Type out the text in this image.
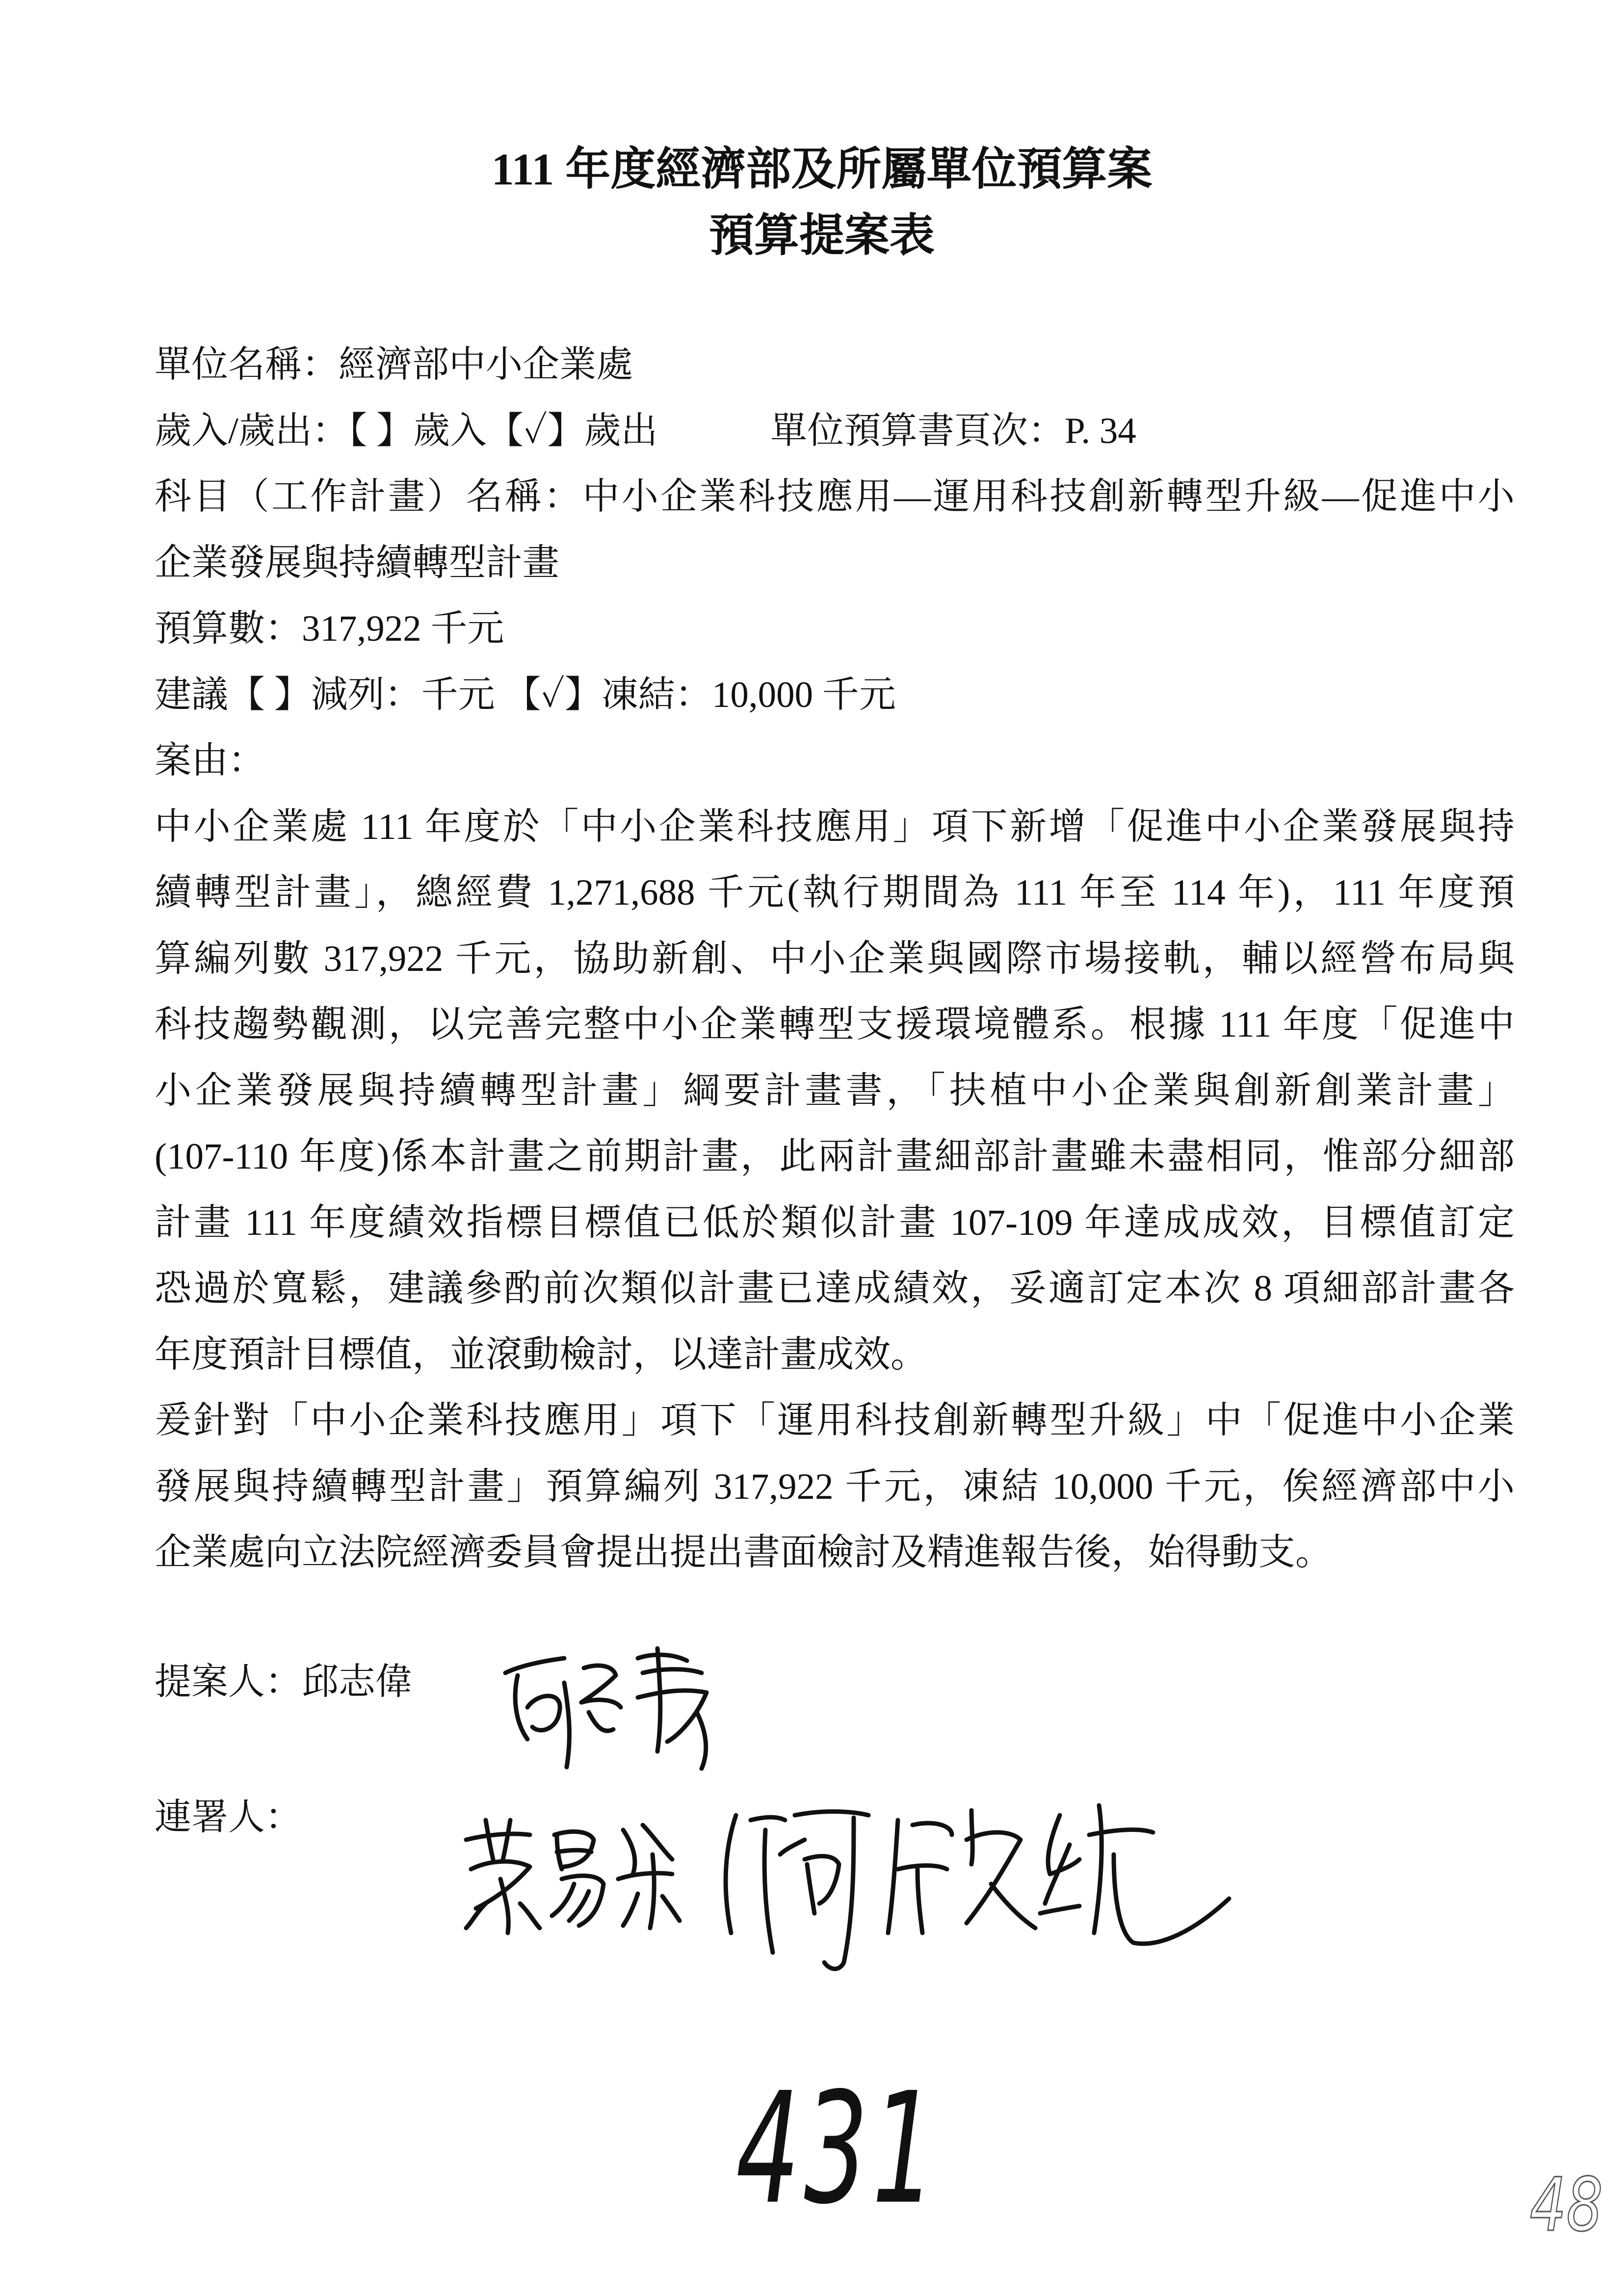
111 年度經濟部及所屬單位預算案
預算提案表
單位名稱：經濟部中小企業處
歲入/歲出：【 】歲入【✓】歲出	單位預算書頁次：P. 34
科目（工作計畫）名稱：中小企業科技應用—運用科技創新轉型升級—促進中小
企業發展與持續轉型計畫
預算數：317,922 千元
建議【 】減列：千元 【✓】凍結：10,000 千元
案由：
中小企業處 111 年度於「中小企業科技應用」項下新增「促進中小企業發展與持
續轉型計畫」，總經費 1,271,688 千元(執行期間為 111 年至 114 年)，111 年度預
算編列數 317,922 千元，協助新創、中小企業與國際市場接軌，輔以經營布局與
科技趨勢觀測，以完善完整中小企業轉型支援環境體系。根據 111 年度「促進中
小企業發展與持續轉型計畫」綱要計畫書，「扶植中小企業與創新創業計畫」
(107-110 年度)係本計畫之前期計畫，此兩計畫細部計畫雖未盡相同，惟部分細部
計畫 111 年度績效指標目標值已低於類似計畫 107-109 年達成成效，目標值訂定
恐過於寬鬆，建議參酌前次類似計畫已達成績效，妥適訂定本次 8 項細部計畫各
年度預計目標值，並滾動檢討，以達計畫成效。
爰針對「中小企業科技應用」項下「運用科技創新轉型升級」中「促進中小企業
發展與持續轉型計畫」預算編列 317,922 千元，凍結 10,000 千元，俟經濟部中小
企業處向立法院經濟委員會提出提出書面檢討及精進報告後，始得動支。
提案人：邱志偉
連署人：
431	48
